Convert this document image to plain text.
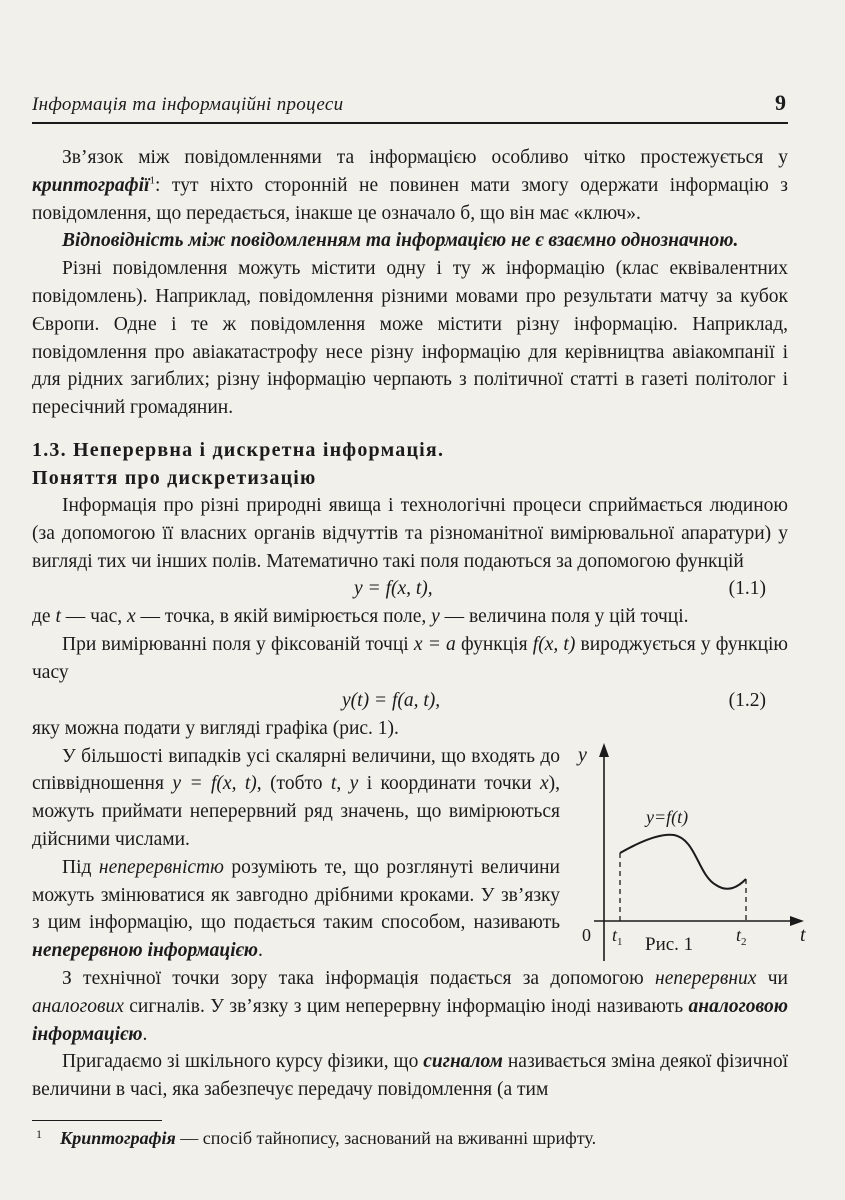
Інформація та інформаційні процеси	9

Зв’язок між повідомленнями та інформацією особливо чітко простежується у криптографії$^1$: тут ніхто сторонній не повинен мати змогу одержати інформацію з повідомлення, що передається, інакше це означало б, що він має «ключ».

Відповідність між повідомленням та інформацією не є взаємно однозначною.

Різні повідомлення можуть містити одну і ту ж інформацію (клас еквівалентних повідомлень). Наприклад, повідомлення різними мовами про результати матчу за кубок Європи. Одне і те ж повідомлення може містити різну інформацію. Наприклад, повідомлення про авіакатастрофу несе різну інформацію для керівництва авіакомпанії і для рідних загиблих; різну інформацію черпають з політичної статті в газеті політолог і пересічний громадянин.

1.3. Неперервна і дискретна інформація.
Поняття про дискретизацію

Інформація про різні природні явища і технологічні процеси сприймається людиною (за допомогою її власних органів відчуттів та різноманітної вимірювальної апаратури) у вигляді тих чи інших полів. Математично такі поля подаються за допомогою функцій

y = f(x, t),	(1.1)

де t — час, x — точка, в якій вимірюється поле, y — величина поля у цій точці.

При вимірюванні поля у фіксованій точці x = a функція f(x, t) вироджується у функцію часу

y(t) = f(a, t),	(1.2)

яку можна подати у вигляді графіка (рис. 1).

У більшості випадків усі скалярні величини, що входять до співвідношення y = f(x, t), (тобто t, y і координати точки x), можуть приймати неперервний ряд значень, що вимірюються дійсними числами.

Під неперервністю розуміють те, що розглянуті величини можуть змінюватися як завгодно дрібними кроками. У зв’язку з цим інформацію, що подається таким способом, називають неперервною інформацією.

y
t
0
y=f(t)
$t_1$	$t_2$

З технічної точки зору така інформація подається за допомогою неперервних чи аналогових сигналів. У зв’язку з цим неперервну інформацію іноді називають аналоговою інформацією.

Пригадаємо зі шкільного курсу фізики, що сигналом називається зміна деякої фізичної величини в часі, яка забезпечує передачу повідомлення (а тим

Рис. 1
1 Криптографія — спосіб тайнопису, заснований на вживанні шрифту.
